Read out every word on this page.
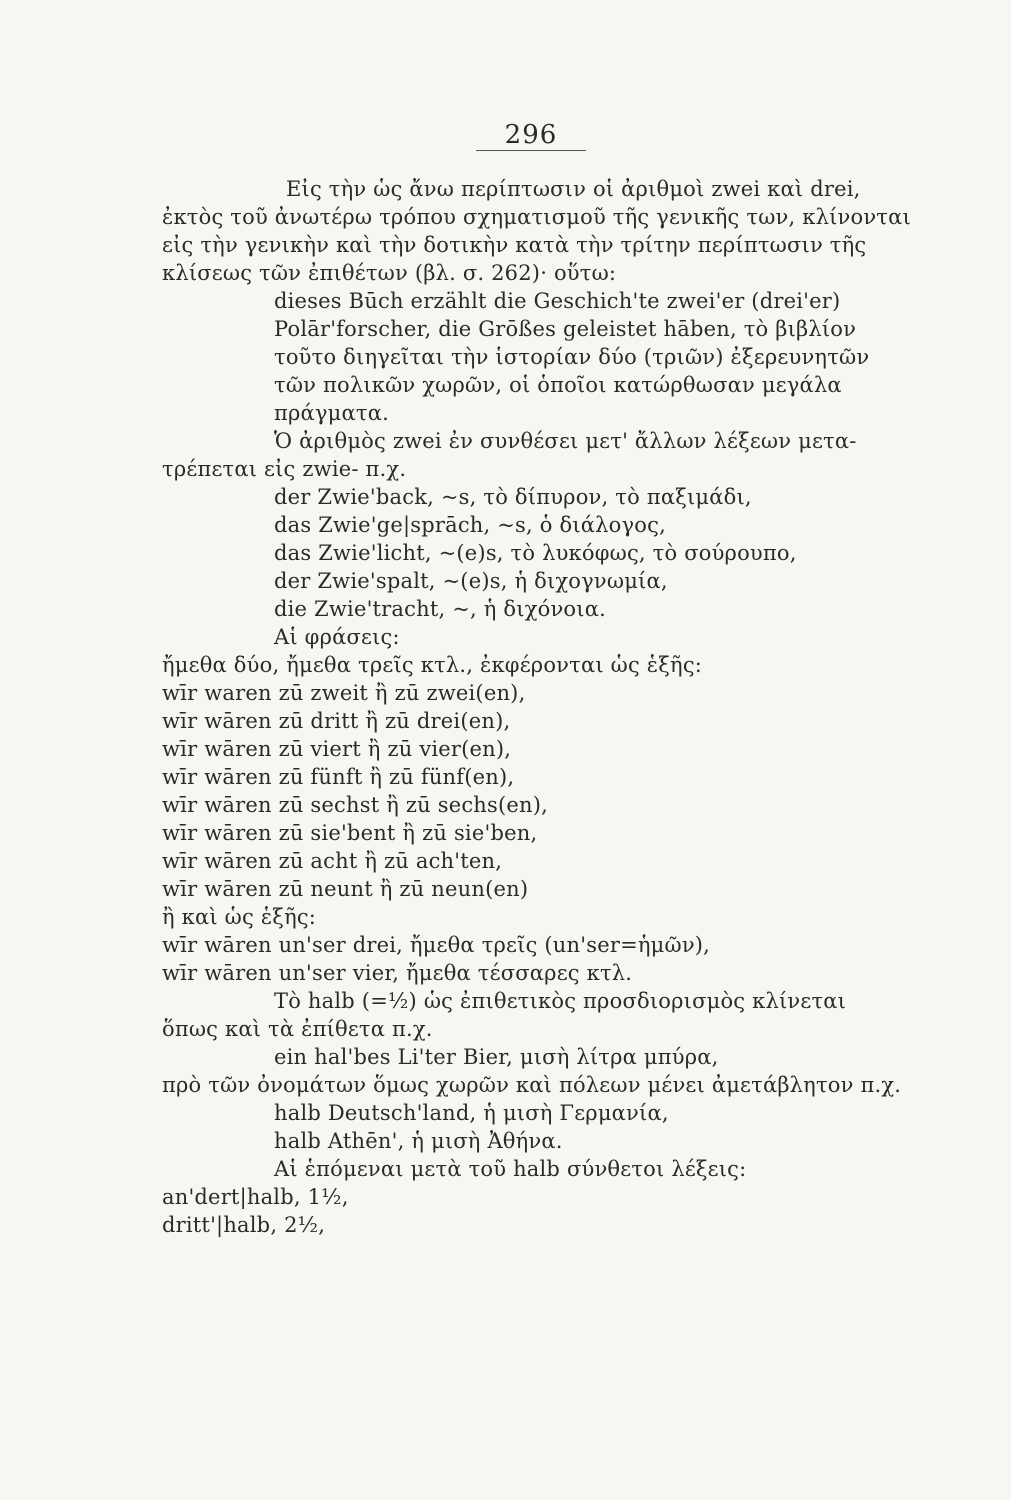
296
Εἰς τὴν ὡς ἄνω περίπτωσιν οἱ ἀριθμοὶ zwei καὶ drei,
ἐκτὸς τοῦ ἀνωτέρω τρόπου σχηματισμοῦ τῆς γενικῆς των, κλίνονται
εἰς τὴν γενικὴν καὶ τὴν δοτικὴν κατὰ τὴν τρίτην περίπτωσιν τῆς
κλίσεως τῶν ἐπιθέτων (βλ. σ. 262)· οὕτω:
dieses Būch erzählt die Geschich'te zwei'er (drei'er)
Polār'forscher, die Grōßes geleistet hāben, τὸ βιβλίον
τοῦτο διηγεῖται τὴν ἱστορίαν δύο (τριῶν) ἐξερευνητῶν
τῶν πολικῶν χωρῶν, οἱ ὁποῖοι κατώρθωσαν μεγάλα
πράγματα.
Ὁ ἀριθμὸς zwei ἐν συνθέσει μετ' ἄλλων λέξεων μετα-
τρέπεται εἰς zwie- π.χ.
der Zwie'back, ~s, τὸ δίπυρον, τὸ παξιμάδι,
das Zwie'ge|sprāch, ~s, ὁ διάλογος,
das Zwie'licht, ~(e)s, τὸ λυκόφως, τὸ σούρουπο,
der Zwie'spalt, ~(e)s, ἡ διχογνωμία,
die Zwie'tracht, ~, ἡ διχόνοια.
Αἱ φράσεις:
ἤμεθα δύο, ἤμεθα τρεῖς κτλ., ἐκφέρονται ὡς ἑξῆς:
wīr waren zū zweit ἢ zū zwei(en),
wīr wāren zū dritt ἢ zū drei(en),
wīr wāren zū viert ἢ zū vier(en),
wīr wāren zū fünft ἢ zū fünf(en),
wīr wāren zū sechst ἢ zū sechs(en),
wīr wāren zū sie'bent ἢ zū sie'ben,
wīr wāren zū acht ἢ zū ach'ten,
wīr wāren zū neunt ἢ zū neun(en)
ἢ καὶ ὡς ἑξῆς:
wīr wāren un'ser drei, ἤμεθα τρεῖς (un'ser=ἡμῶν),
wīr wāren un'ser vier, ἤμεθα τέσσαρες κτλ.
Τὸ halb (=½) ὡς ἐπιθετικὸς προσδιορισμὸς κλίνεται
ὅπως καὶ τὰ ἐπίθετα π.χ.
ein hal'bes Li'ter Bier, μισὴ λίτρα μπύρα,
πρὸ τῶν ὀνομάτων ὅμως χωρῶν καὶ πόλεων μένει ἀμετάβλητον π.χ.
halb Deutsch'land, ἡ μισὴ Γερμανία,
halb Athēn', ἡ μισὴ Ἀθήνα.
Αἱ ἑπόμεναι μετὰ τοῦ halb σύνθετοι λέξεις:
an'dert|halb, 1½,
dritt'|halb, 2½,
